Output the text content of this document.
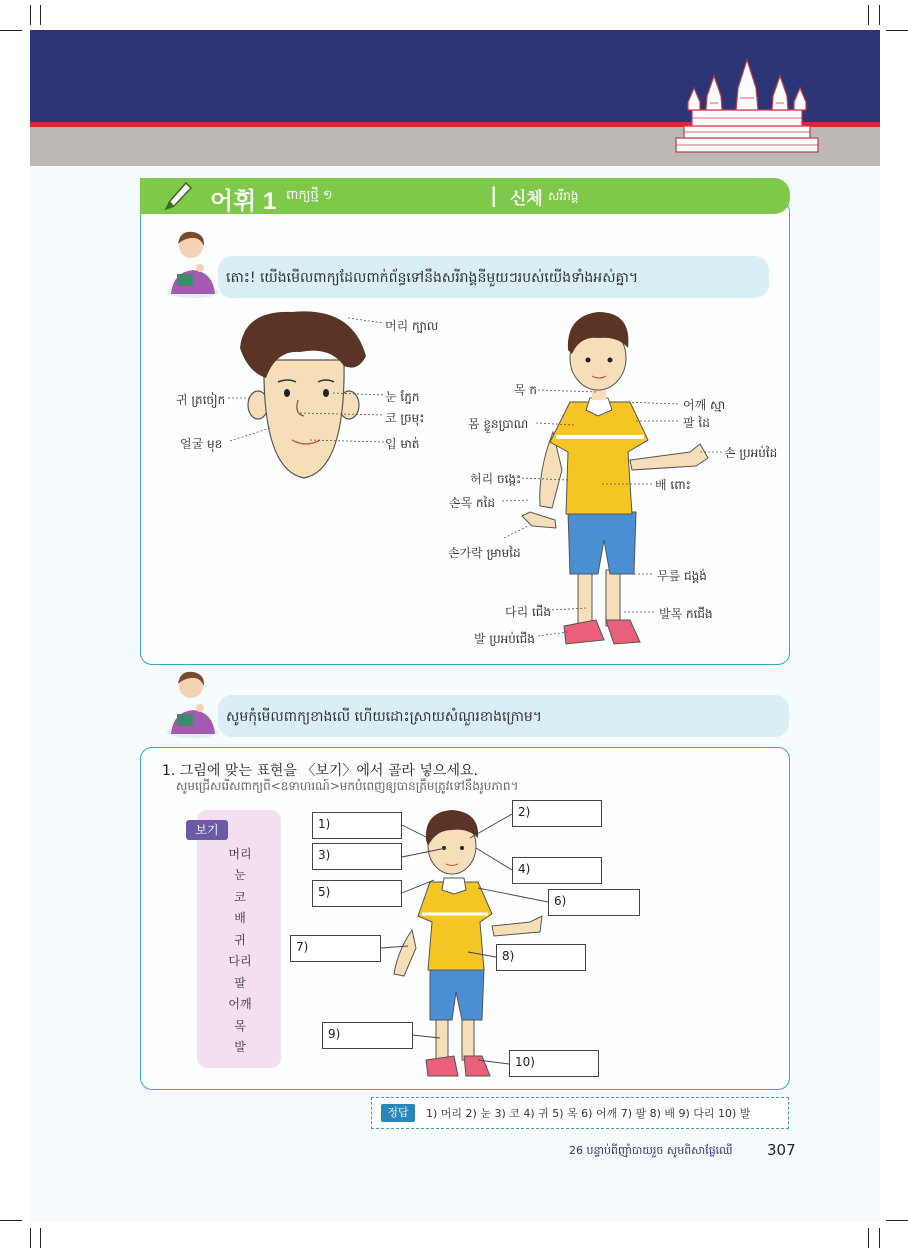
어휘 1 ពាក្យថ្មី ១	| 신체 សរីរាង្គ
តោះ! យើងមើលពាក្យដែលពាក់ព័ន្ធទៅនឹងសរីរាង្គនីមួយៗរបស់យើងទាំងអស់គ្នា។
សូមកុំមើលពាក្យខាងលើ ហើយដោះស្រាយសំណួរខាងក្រោម។
머리 ក្បាល
귀 ត្រចៀក	눈 ភ្នែក
코 ច្រមុះ
얼굴 មុខ	입 មាត់
목 ក
어깨 ស្មា
팔 ដៃ
몸 ខ្លួនប្រាណ
손 ប្រអប់ដៃ
허리 ចង្កេះ	배 ពោះ
손목 កដៃ
손가락 ម្រាមដៃ
무릎 ជង្គង់
다리 ជើង	발목 កជើង
발 ប្រអប់ជើង
1. 그림에 맞는 표현을 〈보기〉에서 골라 넣으세요.
សូមជ្រើសរើសពាក្យពី<ឧទាហរណ៍>មកបំពេញឲ្យបានត្រឹមត្រូវទៅនឹងរូបភាព។
보기
머리
눈
코
배
귀
다리
팔
어깨
목
발
1)
2)
3)
4)
5)
6)
7)
8)
9)
10)
정답	1) 머리 2) 눈 3) 코 4) 귀 5) 목 6) 어깨 7) 팔 8) 배 9) 다리 10) 발
26 បន្ទាប់ពីញ៉ាំបាយរួច សូមពិសាផ្លែឈើ 307
